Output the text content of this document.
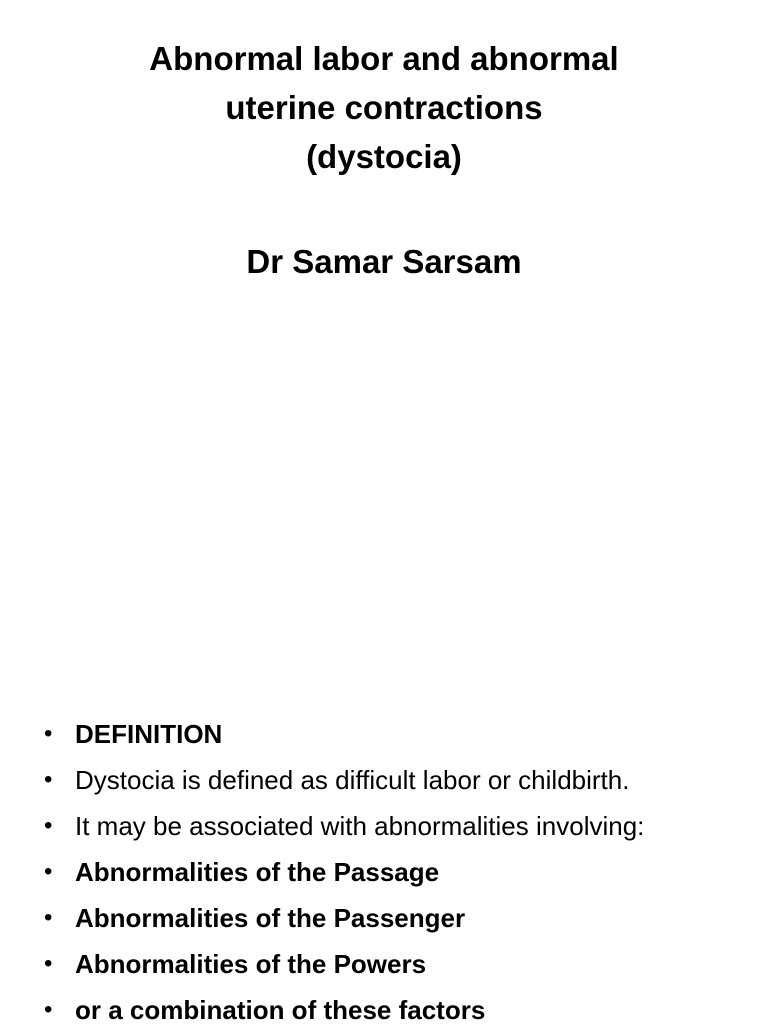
Abnormal labor and abnormal
uterine contractions
(dystocia)
Dr Samar Sarsam
• DEFINITION
• Dystocia is defined as difficult labor or childbirth.
• It may be associated with abnormalities involving:
• Abnormalities of the Passage
• Abnormalities of the Passenger
• Abnormalities of the Powers
• or a combination of these factors
